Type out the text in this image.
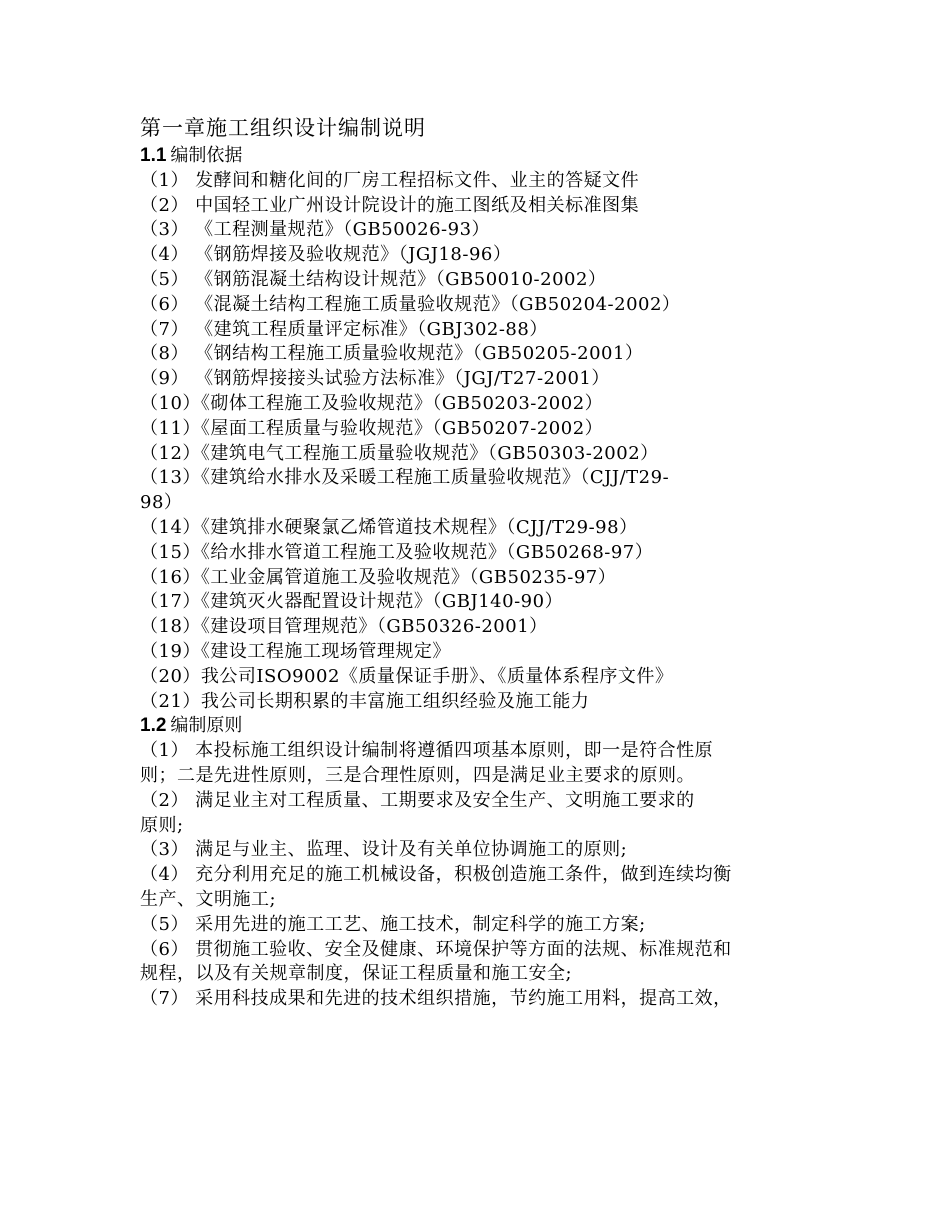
第一章施工组织设计编制说明
1.1 编制依据
（1） 发酵间和糖化间的厂房工程招标文件、业主的答疑文件
（2） 中国轻工业广州设计院设计的施工图纸及相关标准图集
（3） 《工程测量规范》（GB50026-93）
（4） 《钢筋焊接及验收规范》（JGJ18-96）
（5） 《钢筋混凝土结构设计规范》（GB50010-2002）
（6） 《混凝土结构工程施工质量验收规范》（GB50204-2002）
（7） 《建筑工程质量评定标准》（GBJ302-88）
（8） 《钢结构工程施工质量验收规范》（GB50205-2001）
（9） 《钢筋焊接接头试验方法标准》（JGJ/T27-2001）
（10）《砌体工程施工及验收规范》（GB50203-2002）
（11）《屋面工程质量与验收规范》（GB50207-2002）
（12）《建筑电气工程施工质量验收规范》（GB50303-2002）
（13）《建筑给水排水及采暖工程施工质量验收规范》（CJJ/T29-
98）
（14）《建筑排水硬聚氯乙烯管道技术规程》（CJJ/T29-98）
（15）《给水排水管道工程施工及验收规范》（GB50268-97）
（16）《工业金属管道施工及验收规范》（GB50235-97）
（17）《建筑灭火器配置设计规范》（GBJ140-90）
（18）《建设项目管理规范》（GB50326-2001）
（19）《建设工程施工现场管理规定》
（20）我公司ISO9002《质量保证手册》、《质量体系程序文件》
（21）我公司长期积累的丰富施工组织经验及施工能力
1.2 编制原则
（1） 本投标施工组织设计编制将遵循四项基本原则，即一是符合性原
则；二是先进性原则，三是合理性原则，四是满足业主要求的原则。
（2） 满足业主对工程质量、工期要求及安全生产、文明施工要求的
原则;
（3） 满足与业主、监理、设计及有关单位协调施工的原则;
（4） 充分利用充足的施工机械设备，积极创造施工条件，做到连续均衡
生产、文明施工;
（5） 采用先进的施工工艺、施工技术，制定科学的施工方案;
（6） 贯彻施工验收、安全及健康、环境保护等方面的法规、标准规范和
规程，以及有关规章制度，保证工程质量和施工安全;
（7） 采用科技成果和先进的技术组织措施，节约施工用料，提高工效，
